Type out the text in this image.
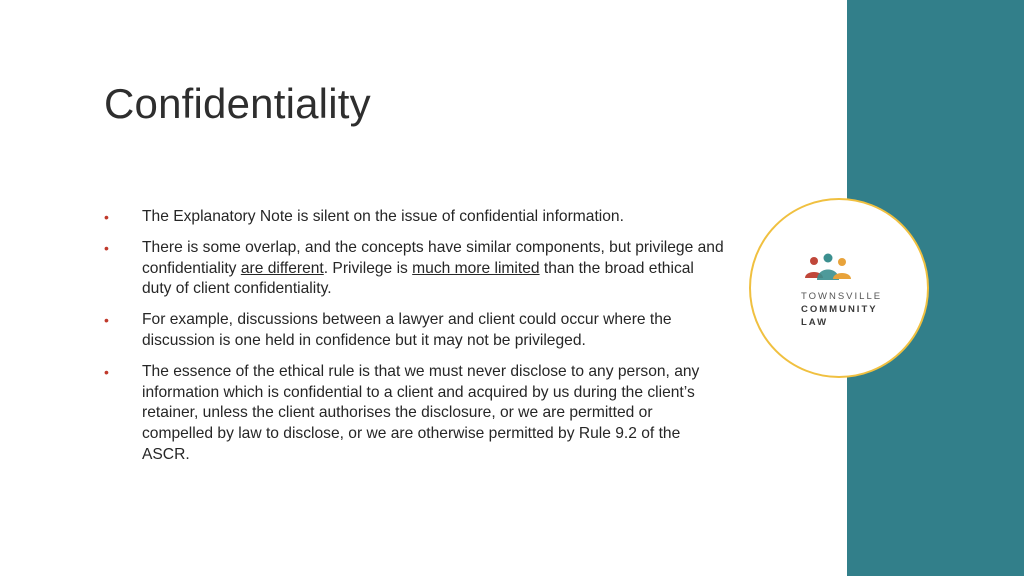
Confidentiality
• The Explanatory Note is silent on the issue of confidential information.
• There is some overlap, and the concepts have similar components, but privilege and confidentiality are different. Privilege is much more limited than the broad ethical duty of client confidentiality.
• For example, discussions between a lawyer and client could occur where the discussion is one held in confidence but it may not be privileged.
• The essence of the ethical rule is that we must never disclose to any person, any information which is confidential to a client and acquired by us during the client’s retainer, unless the client authorises the disclosure, or we are permitted or compelled by law to disclose, or we are otherwise permitted by Rule 9.2 of the ASCR.
TOWNSVILLE
COMMUNITY
LAW
